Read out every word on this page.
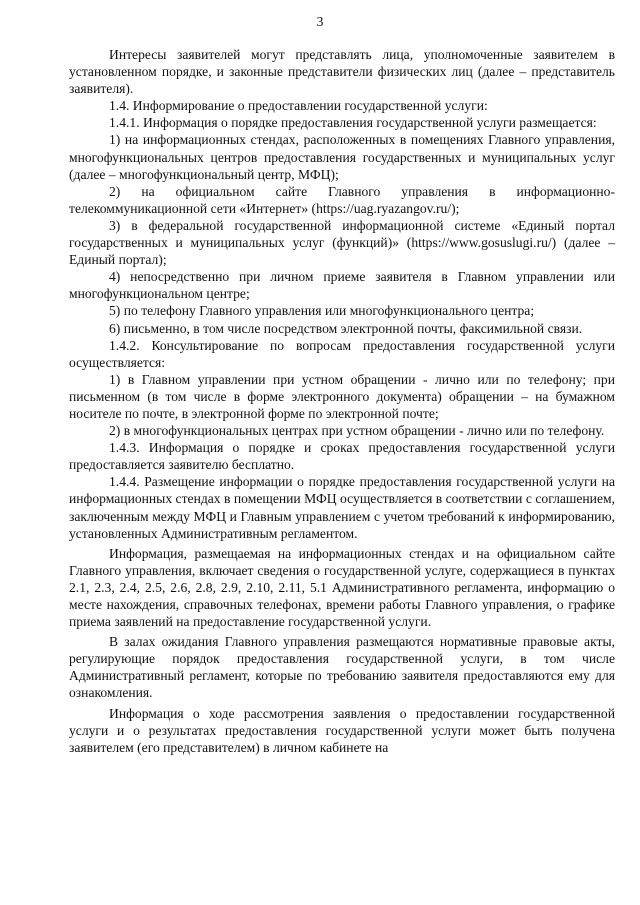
3

Интересы заявителей могут представлять лица, уполномоченные заявителем в установленном порядке, и законные представители физических лиц (далее – представитель заявителя).

1.4. Информирование о предоставлении государственной услуги:

1.4.1. Информация о порядке предоставления государственной услуги размещается:

1) на информационных стендах, расположенных в помещениях Главного управления, многофункциональных центров предоставления государственных и муниципальных услуг (далее – многофункциональный центр, МФЦ);

2) на официальном сайте Главного управления в информационно-телекоммуникационной сети «Интернет» (https://uag.ryazangov.ru/);

3) в федеральной государственной информационной системе «Единый портал государственных и муниципальных услуг (функций)» (https://www.gosuslugi.ru/) (далее – Единый портал);

4) непосредственно при личном приеме заявителя в Главном управлении или многофункциональном центре;

5) по телефону Главного управления или многофункционального центра;

6) письменно, в том числе посредством электронной почты, факсимильной связи.

1.4.2. Консультирование по вопросам предоставления государственной услуги осуществляется:

1) в Главном управлении при устном обращении - лично или по телефону; при письменном (в том числе в форме электронного документа) обращении – на бумажном носителе по почте, в электронной форме по электронной почте;

2) в многофункциональных центрах при устном обращении - лично или по телефону.

1.4.3. Информация о порядке и сроках предоставления государственной услуги предоставляется заявителю бесплатно.

1.4.4. Размещение информации о порядке предоставления государственной услуги на информационных стендах в помещении МФЦ осуществляется в соответствии с соглашением, заключенным между МФЦ и Главным управлением с учетом требований к информированию, установленных Административным регламентом.

Информация, размещаемая на информационных стендах и на официальном сайте Главного управления, включает сведения о государственной услуге, содержащиеся в пунктах 2.1, 2.3, 2.4, 2.5, 2.6, 2.8, 2.9, 2.10, 2.11, 5.1 Административного регламента, информацию о месте нахождения, справочных телефонах, времени работы Главного управления, о графике приема заявлений на предоставление государственной услуги.

В залах ожидания Главного управления размещаются нормативные правовые акты, регулирующие порядок предоставления государственной услуги, в том числе Административный регламент, которые по требованию заявителя предоставляются ему для ознакомления.

Информация о ходе рассмотрения заявления о предоставлении государственной услуги и о результатах предоставления государственной услуги может быть получена заявителем (его представителем) в личном кабинете на
